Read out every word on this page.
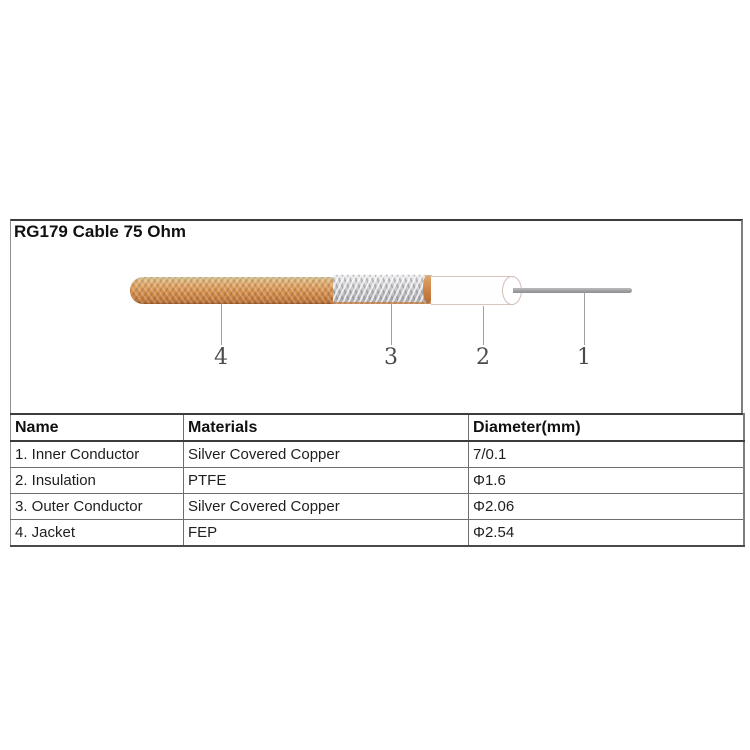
RG179 Cable 75 Ohm
4	3	2	1
Name	Materials	Diameter(mm)
1. Inner Conductor	Silver Covered Copper	7/0.1
2. Insulation	PTFE	Φ1.6
3. Outer Conductor	Silver Covered Copper	Φ2.06
4. Jacket	FEP	Φ2.54
